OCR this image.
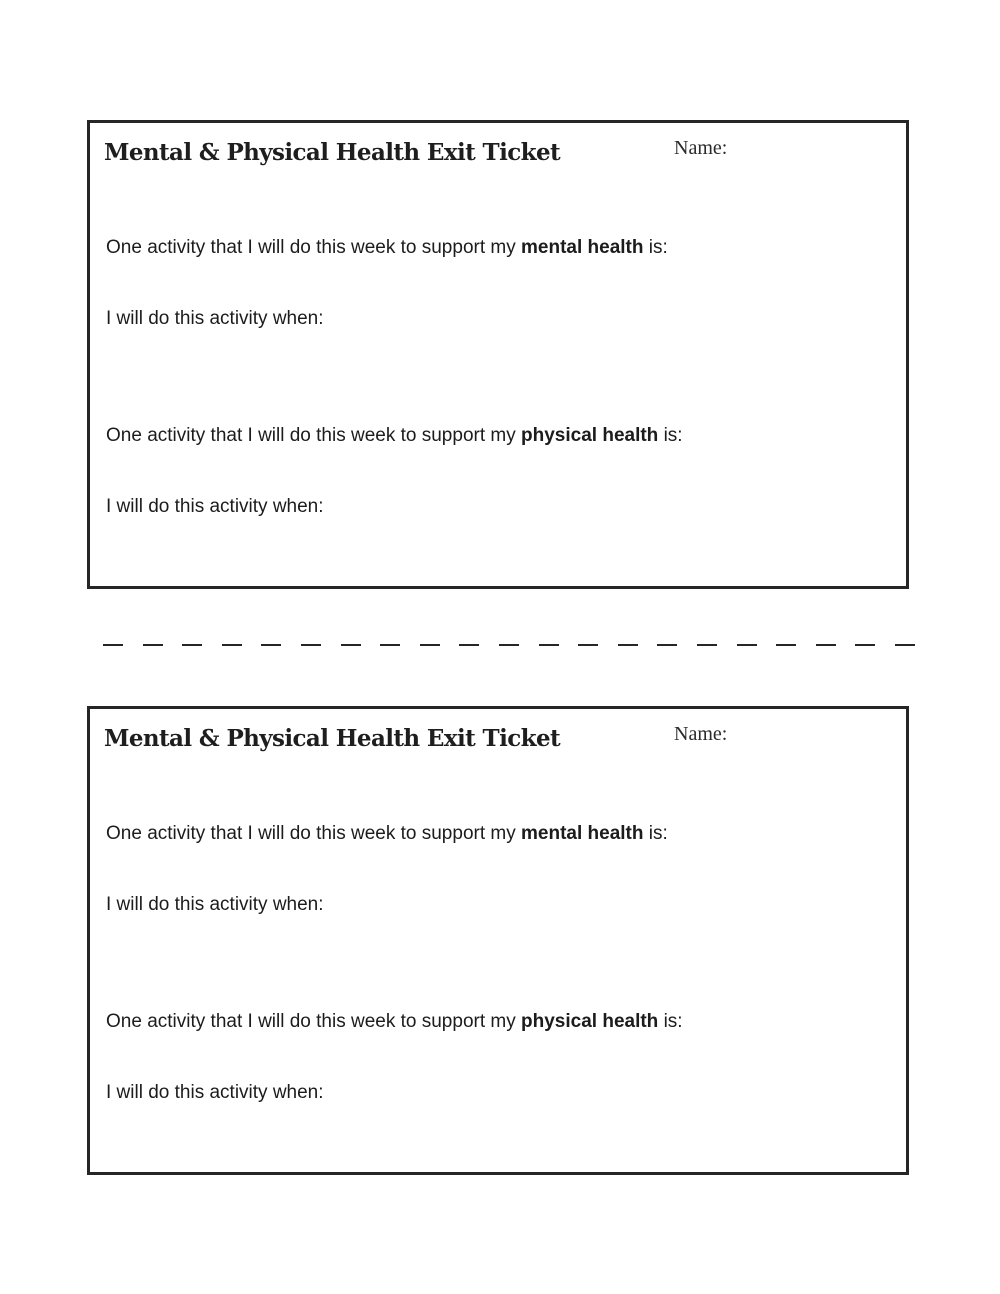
Mental & Physical Health Exit Ticket	Name:

One activity that I will do this week to support my mental health is:

I will do this activity when:

One activity that I will do this week to support my physical health is:

I will do this activity when:

Mental & Physical Health Exit Ticket	Name:

One activity that I will do this week to support my mental health is:

I will do this activity when:

One activity that I will do this week to support my physical health is:

I will do this activity when:
